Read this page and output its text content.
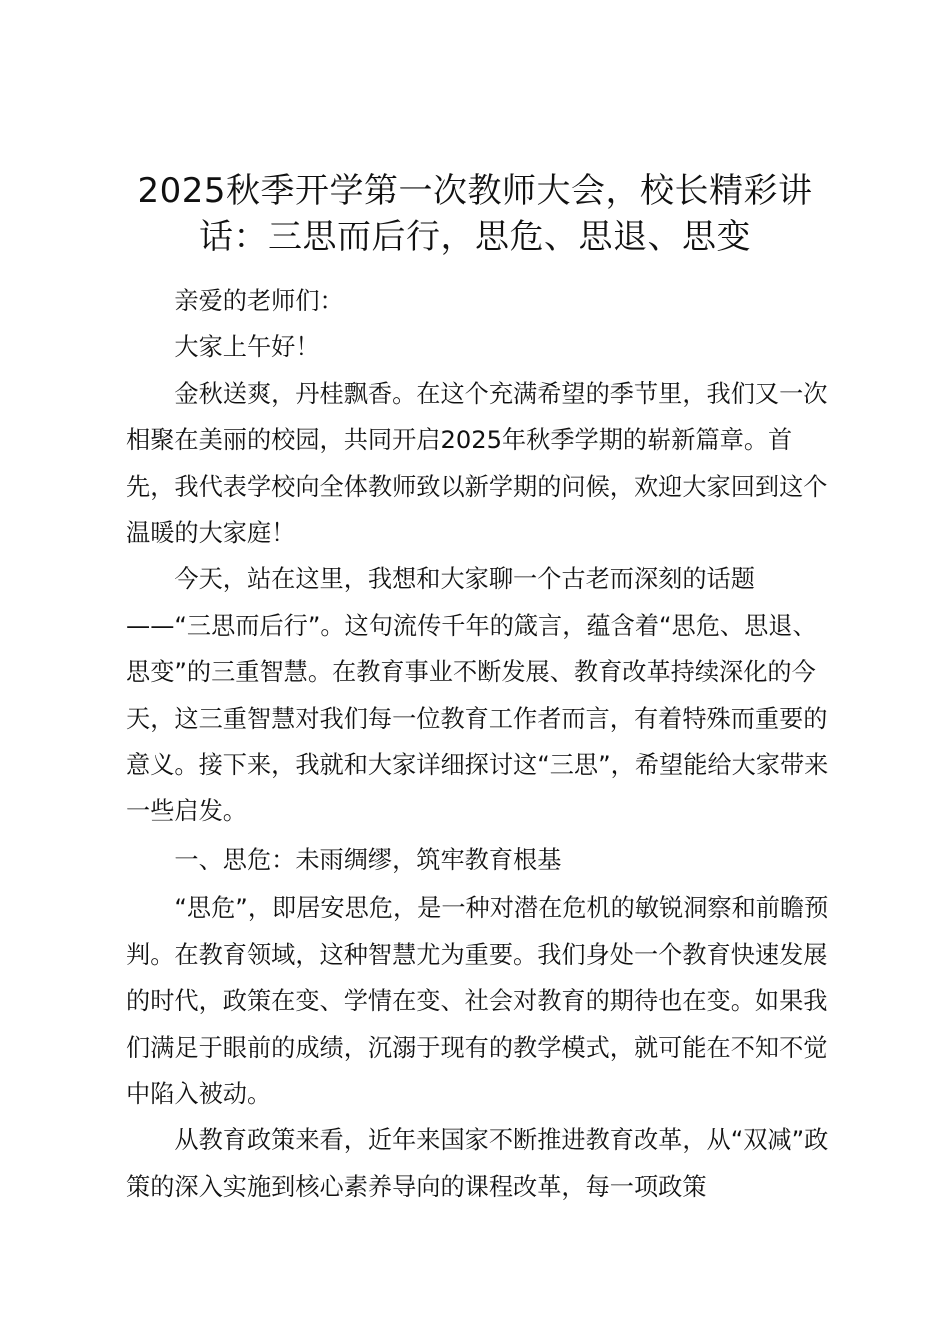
2025秋季开学第一次教师大会，校长精彩讲话：三思而后行，思危、思退、思变

亲爱的老师们：

大家上午好！

金秋送爽，丹桂飘香。在这个充满希望的季节里，我们又一次相聚在美丽的校园，共同开启2025年秋季学期的崭新篇章。首先，我代表学校向全体教师致以新学期的问候，欢迎大家回到这个温暖的大家庭！

今天，站在这里，我想和大家聊一个古老而深刻的话题——“三思而后行”。这句流传千年的箴言，蕴含着“思危、思退、思变”的三重智慧。在教育事业不断发展、教育改革持续深化的今天，这三重智慧对我们每一位教育工作者而言，有着特殊而重要的意义。接下来，我就和大家详细探讨这“三思”，希望能给大家带来一些启发。

一、思危：未雨绸缪，筑牢教育根基

“思危”，即居安思危，是一种对潜在危机的敏锐洞察和前瞻预判。在教育领域，这种智慧尤为重要。我们身处一个教育快速发展的时代，政策在变、学情在变、社会对教育的期待也在变。如果我们满足于眼前的成绩，沉溺于现有的教学模式，就可能在不知不觉中陷入被动。

从教育政策来看，近年来国家不断推进教育改革，从“双减”政策的深入实施到核心素养导向的课程改革，每一项政策
